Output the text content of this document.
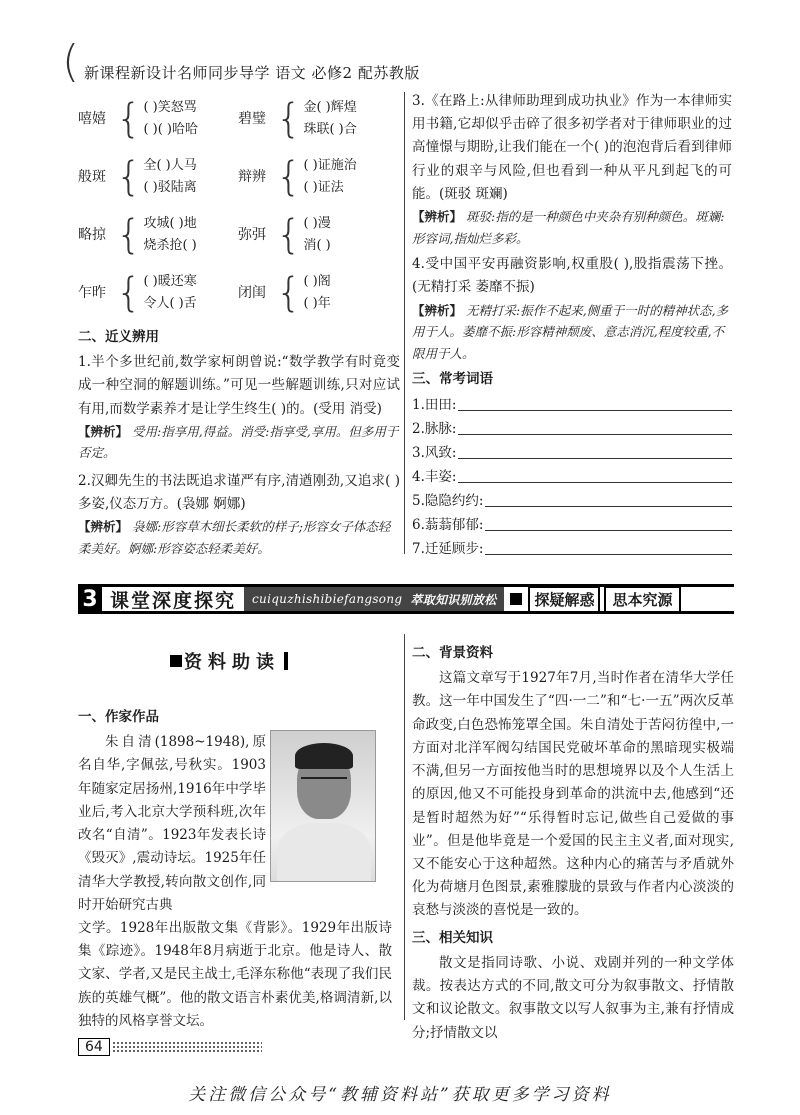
( 新课程新设计名师同步导学 语文 必修2 配苏教版
嘻嬉 { ( )笑怒骂
( )( )哈哈
碧璧 { 金( )辉煌
珠联( )合
般斑 { 全( )人马
( )驳陆离
辩辨 { ( )证施治
( )证法
略掠 { 攻城( )地
烧杀抢( )
弥弭 { ( )漫
消( )
乍昨 { ( )暖还寒
令人( )舌
闭闺 { ( )阁
( )年
二、近义辨用

1.半个多世纪前,数学家柯朗曾说:“数学教学有时竟变成一种空洞的解题训练。”可见一些解题训练,只对应试有用,而数学素养才是让学生终生( )的。(受用 消受)

【辨析】 受用:指享用,得益。消受:指享受,享用。但多用于否定。

2.汉卿先生的书法既追求谨严有序,清遒刚劲,又追求( )多姿,仪态万方。(袅娜 婀娜)

【辨析】 袅娜:形容草木细长柔软的样子;形容女子体态轻柔美好。婀娜:形容姿态轻柔美好。

3.《在路上:从律师助理到成功执业》作为一本律师实用书籍,它却似乎击碎了很多初学者对于律师职业的过高憧憬与期盼,让我们能在一个( )的泡泡背后看到律师行业的艰辛与风险,但也看到一种从平凡到起飞的可能。(斑驳 斑斓)

【辨析】 斑驳:指的是一种颜色中夹杂有别种颜色。斑斓:形容词,指灿烂多彩。

4.受中国平安再融资影响,权重股( ),股指震荡下挫。(无精打采 萎靡不振)

【辨析】 无精打采:振作不起来,侧重于一时的精神状态,多用于人。萎靡不振:形容精神颓废、意志消沉,程度较重,不限用于人。

三、常考词语
1.田田:
2.脉脉:
3.风致:
4.丰姿:
5.隐隐约约:
6.蓊蓊郁郁:
7.迁延顾步:
3 课堂深度探究	cuiquzhishibiefangsong 萃取知识别放松	探疑解惑	思本究源
资料助读
一、作家作品

朱自清(1898~1948),原名自华,字佩弦,号秋实。1903年随家定居扬州,1916年中学毕业后,考入北京大学预科班,次年改名“自清”。1923年发表长诗《毁灭》,震动诗坛。1925年任清华大学教授,转向散文创作,同时开始研究古典

文学。1928年出版散文集《背影》。1929年出版诗集《踪迹》。1948年8月病逝于北京。他是诗人、散文家、学者,又是民主战士,毛泽东称他“表现了我们民族的英雄气概”。他的散文语言朴素优美,格调清新,以独特的风格享誉文坛。

二、背景资料

这篇文章写于1927年7月,当时作者在清华大学任教。这一年中国发生了“四·一二”和“七·一五”两次反革命政变,白色恐怖笼罩全国。朱自清处于苦闷彷徨中,一方面对北洋军阀勾结国民党破坏革命的黑暗现实极端不满,但另一方面按他当时的思想境界以及个人生活上的原因,他又不可能投身到革命的洪流中去,他感到“还是暂时超然为好”“乐得暂时忘记,做些自己爱做的事业”。但是他毕竟是一个爱国的民主主义者,面对现实,又不能安心于这种超然。这种内心的痛苦与矛盾就外化为荷塘月色图景,素雅朦胧的景致与作者内心淡淡的哀愁与淡淡的喜悦是一致的。

三、相关知识

散文是指同诗歌、小说、戏剧并列的一种文学体裁。按表达方式的不同,散文可分为叙事散文、抒情散文和议论散文。叙事散文以写人叙事为主,兼有抒情成分;抒情散文以

64
关注微信公众号“教辅资料站”获取更多学习资料
